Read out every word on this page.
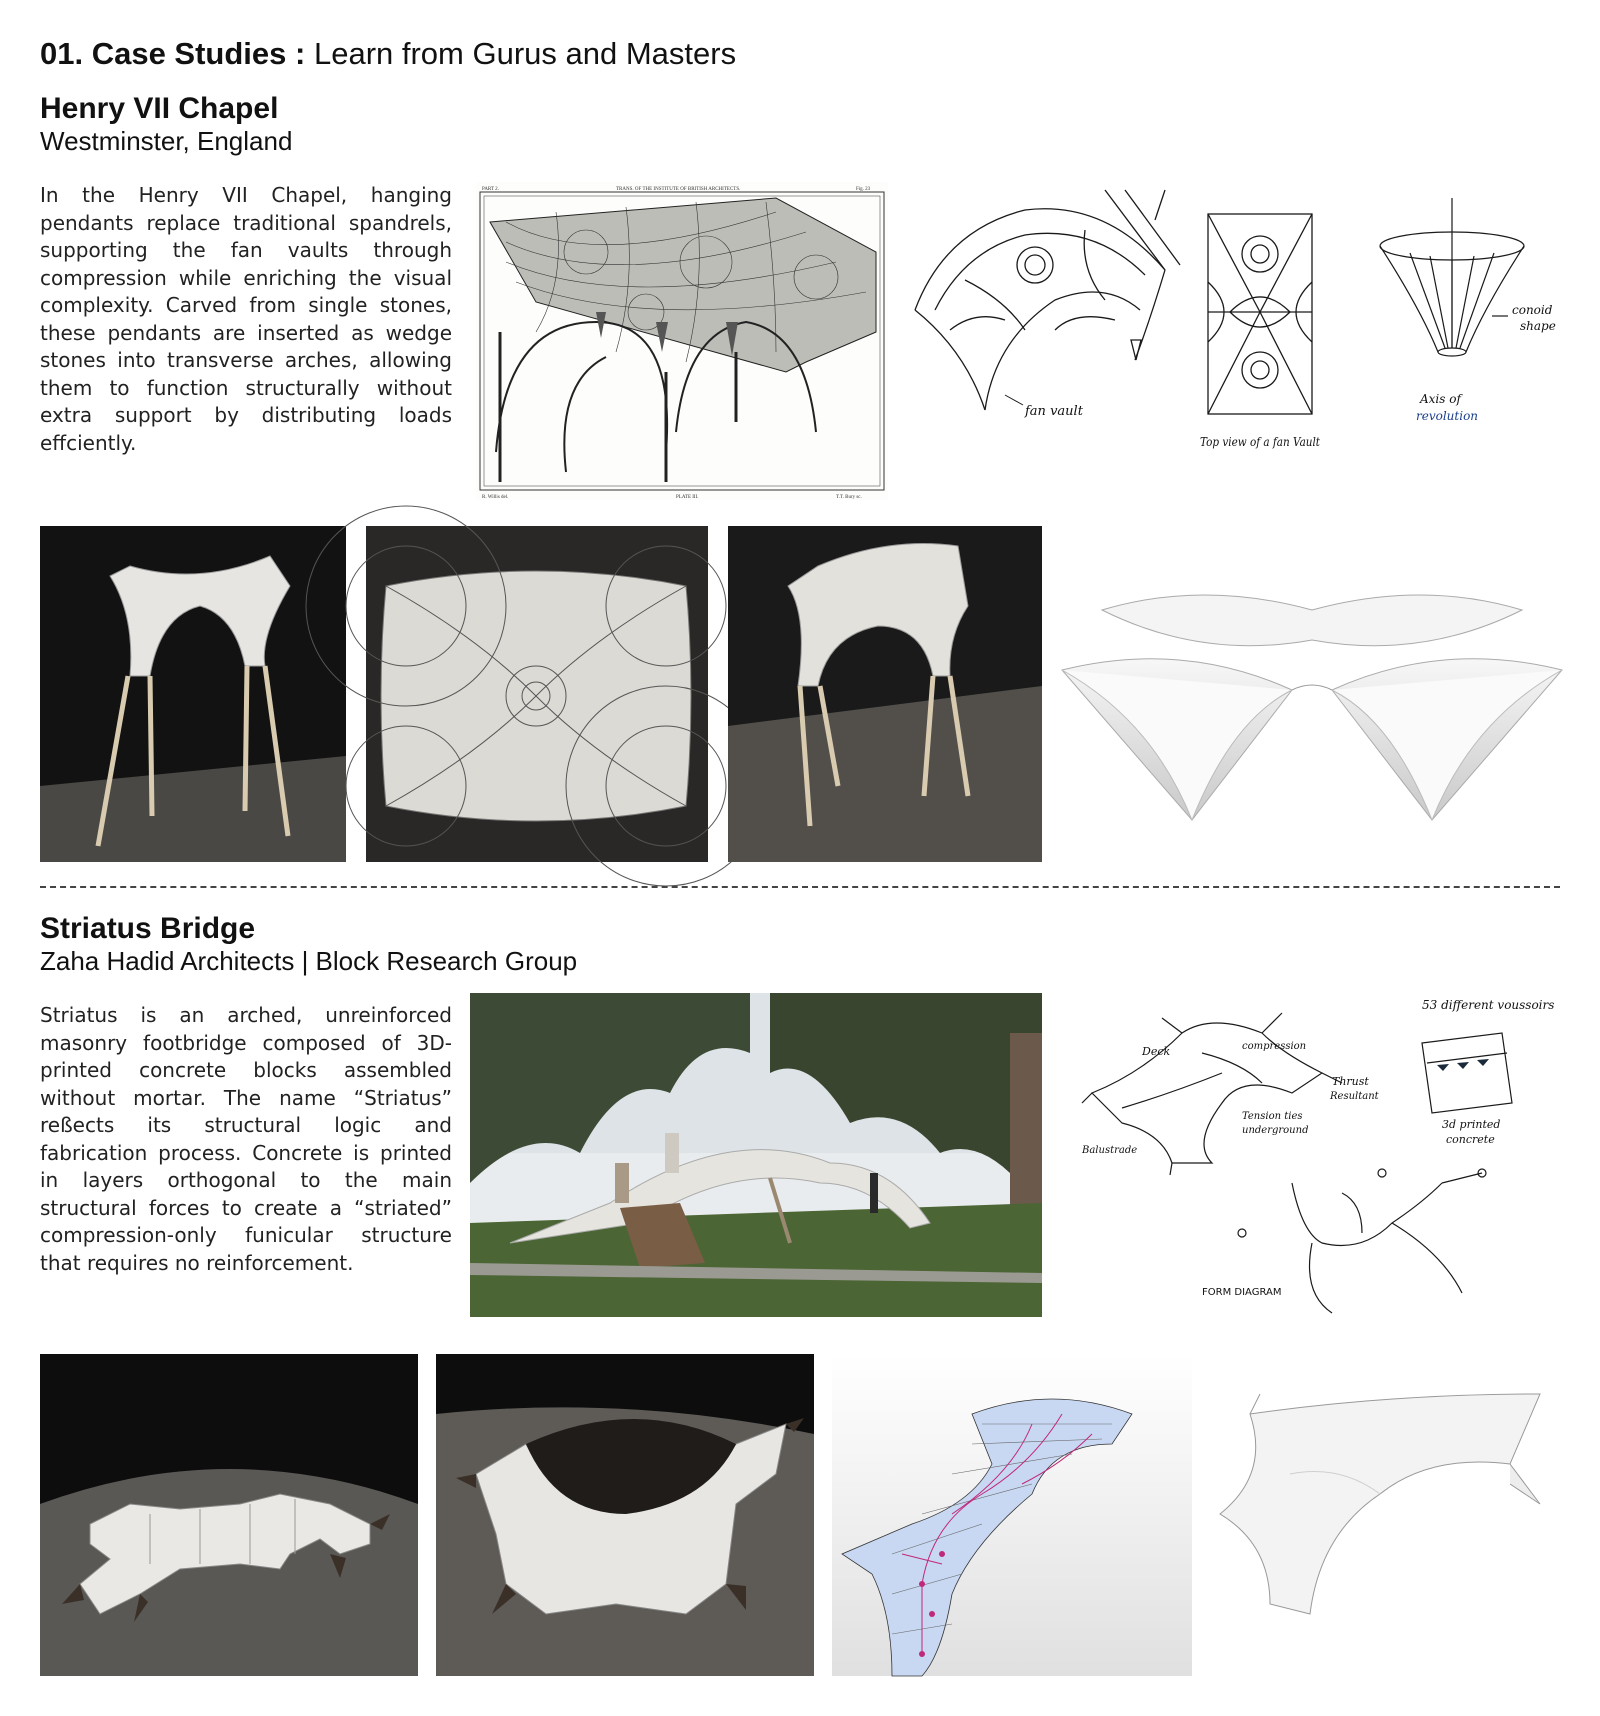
01. Case Studies : Learn from Gurus and Masters
Henry VII Chapel
Westminster, England
In the Henry VII Chapel, hanging pendants replace traditional spandrels, supporting the fan vaults through compression while enriching the visual complexity. Carved from single stones, these pendants are inserted as wedge stones into transverse arches, allowing them to function structurally without extra support by distributing loads effciently.
PART 2.	TRANS. OF THE INSTITUTE OF BRITISH ARCHITECTS.	Fig. 23
R. Willis del.	PLATE III.	T.T. Bury sc.
fan vault
Top view of a fan Vault
conoid
shape
Axis of
revolution
Striatus Bridge
Zaha Hadid Architects | Block Research Group
Striatus is an arched, unreinforced masonry footbridge composed of 3D-printed concrete blocks assembled without mortar. The name “Striatus” reßects its structural logic and fabrication process. Concrete is printed in layers orthogonal to the main structural forces to create a “striated” compression-only funicular structure that requires no reinforcement.
53 different voussoirs
Deck	compression
Thrust
Resultant
Tension ties
underground
Balustrade
3d printed
concrete
FORM DIAGRAM
